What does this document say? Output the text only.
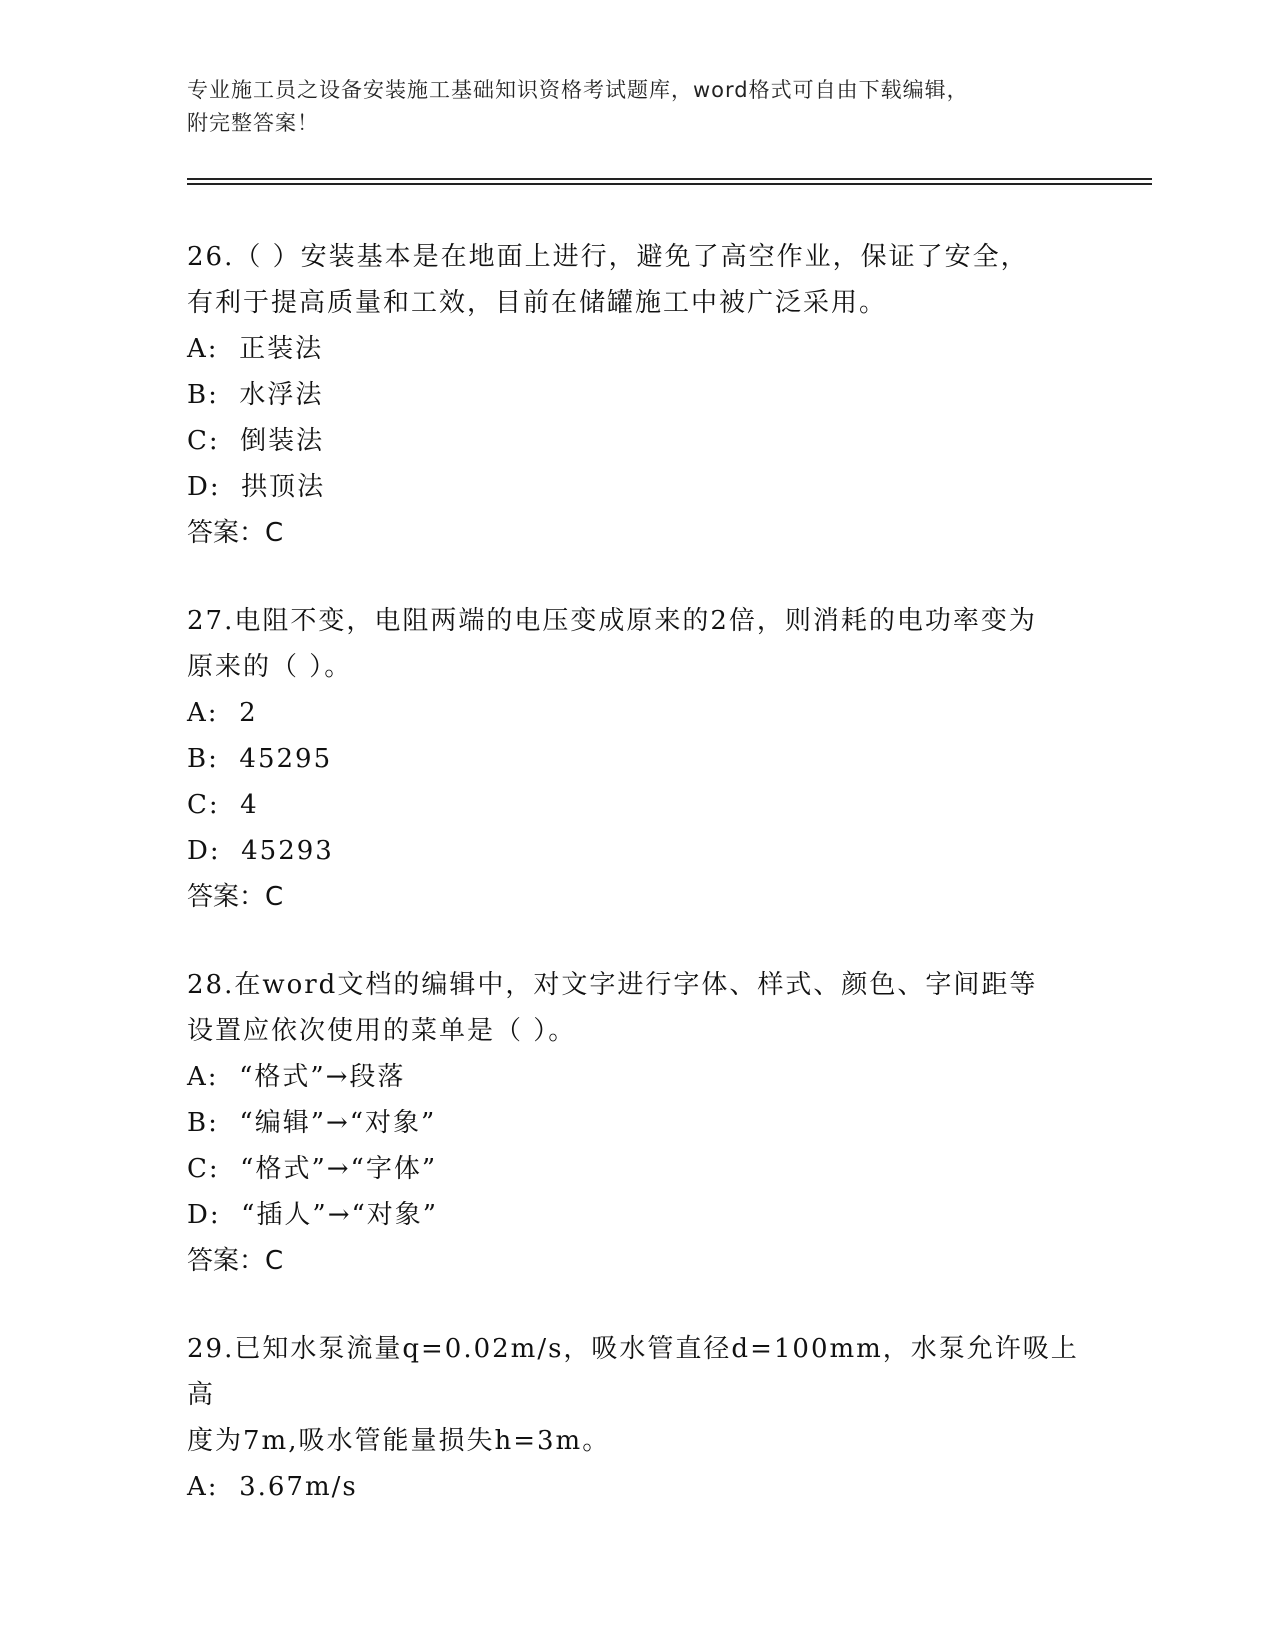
专业施工员之设备安装施工基础知识资格考试题库，word格式可自由下载编辑，
附完整答案！

26.（ ）安装基本是在地面上进行，避免了高空作业，保证了安全，

有利于提高质量和工效，目前在储罐施工中被广泛采用。

A:  正装法

B:  水浮法

C:  倒装法

D:  拱顶法

答案：C

27.电阻不变，电阻两端的电压变成原来的2倍，则消耗的电功率变为

原来的（ ）。

A:  2

B:  45295

C:  4

D:  45293

答案：C

28.在word文档的编辑中，对文字进行字体、样式、颜色、字间距等

设置应依次使用的菜单是（ ）。

A:  “格式”→段落

B:  “编辑”→“对象”

C:  “格式”→“字体”

D:  “插人”→“对象”

答案：C

29.已知水泵流量q=0.02m/s，吸水管直径d=100mm，水泵允许吸上高

度为7m,吸水管能量损失h=3m。

A:  3.67m/s
